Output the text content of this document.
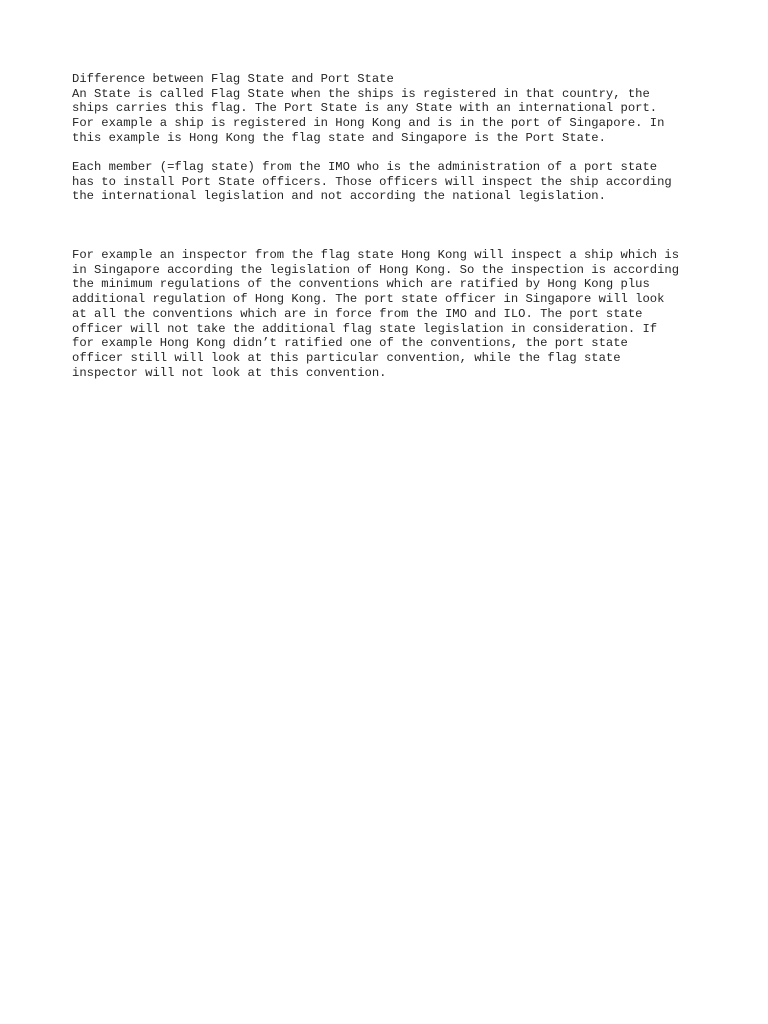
Difference between Flag State and Port State
An State is called Flag State when the ships is registered in that country, the
ships carries this flag. The Port State is any State with an international port.
For example a ship is registered in Hong Kong and is in the port of Singapore. In
this example is Hong Kong the flag state and Singapore is the Port State.
Each member (=flag state) from the IMO who is the administration of a port state
has to install Port State officers. Those officers will inspect the ship according
the international legislation and not according the national legislation.
For example an inspector from the flag state Hong Kong will inspect a ship which is
in Singapore according the legislation of Hong Kong. So the inspection is according
the minimum regulations of the conventions which are ratified by Hong Kong plus
additional regulation of Hong Kong. The port state officer in Singapore will look
at all the conventions which are in force from the IMO and ILO. The port state
officer will not take the additional flag state legislation in consideration. If
for example Hong Kong didn’t ratified one of the conventions, the port state
officer still will look at this particular convention, while the flag state
inspector will not look at this convention.
